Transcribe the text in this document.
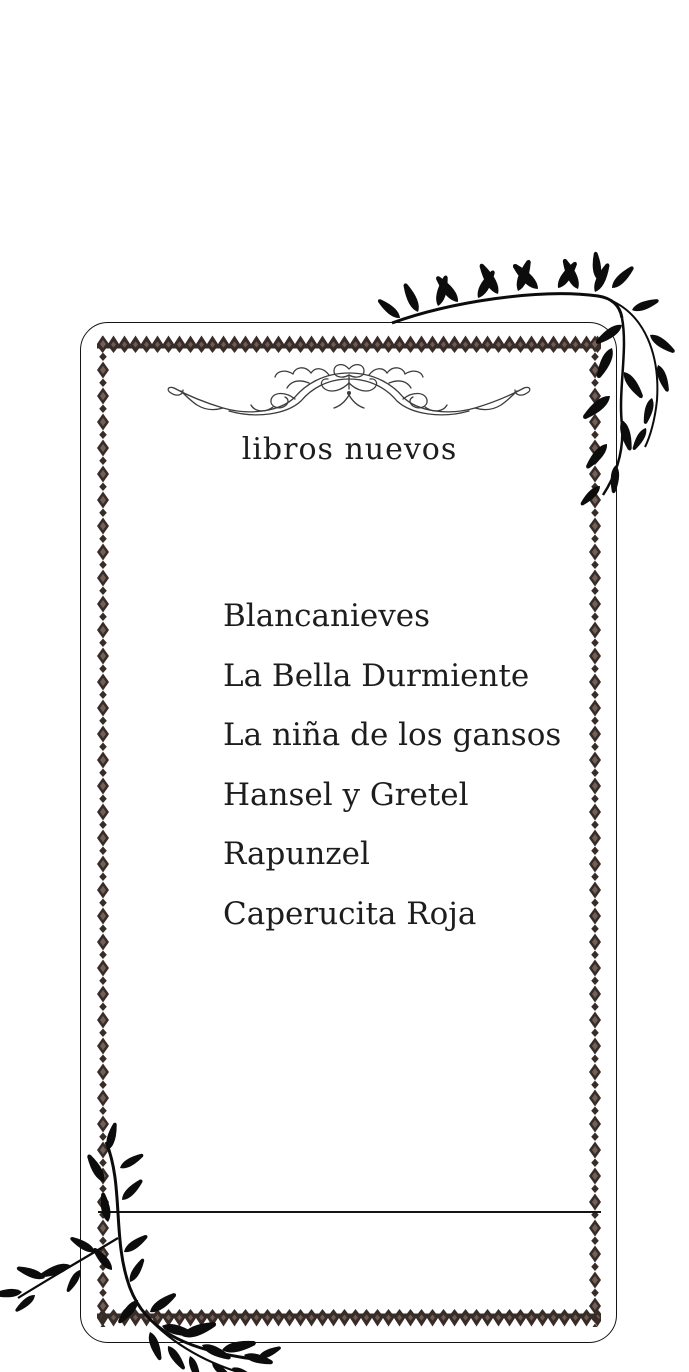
libros nuevos
Blancanieves
La Bella Durmiente
La niña de los gansos
Hansel y Gretel
Rapunzel
Caperucita Roja
